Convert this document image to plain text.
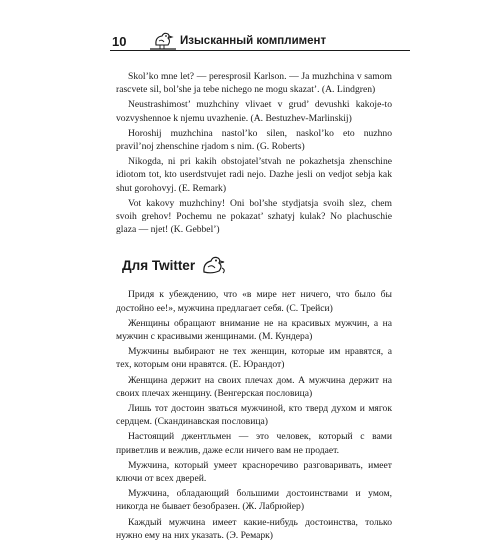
10	Изысканный комплимент

Skol’ko mne let? — peresprosil Karlson. — Ja muzhchina v samom rascvete sil, bol’she ja tebe nichego ne mogu skazat’. (A. Lindgren)

Neustrashimost’ muzhchiny vlivaet v grud’ devushki kakoje-to vozvyshennoe k njemu uvazhenie. (A. Bestuzhev-Marlinskij)

Horoshij muzhchina nastol’ko silen, naskol’ko eto nuzhno pravil’noj zhenschine rjadom s nim. (G. Roberts)

Nikogda, ni pri kakih obstojatel’stvah ne pokazhetsja zhenschine idiotom tot, kto userdstvujet radi nejo. Dazhe jesli on vedjot sebja kak shut gorohovyj. (E. Remark)

Vot kakovy muzhchiny! Oni bol’she stydjatsja svoih slez, chem svoih grehov! Pochemu ne pokazat’ szhatyj kulak? No plachuschie glaza — njet! (K. Gebbel’)

Для Twitter

Придя к убеждению, что «в мире нет ничего, что было бы достойно ее!», мужчина предлагает себя. (С. Трейси)

Женщины обращают внимание не на красивых мужчин, а на мужчин с красивыми женщинами. (М. Кундера)

Мужчины выбирают не тех женщин, которые им нравятся, а тех, которым они нравятся. (Е. Юрандот)

Женщина держит на своих плечах дом. А мужчина держит на своих плечах женщину. (Венгерская пословица)

Лишь тот достоин зваться мужчиной, кто тверд духом и мягок сердцем. (Скандинавская пословица)

Настоящий джентльмен — это человек, который с вами приветлив и вежлив, даже если ничего вам не продает.

Мужчина, который умеет красноречиво разговаривать, имеет ключи от всех дверей.

Мужчина, обладающий большими достоинствами и умом, никогда не бывает безобразен. (Ж. Лабрюйер)

Каждый мужчина имеет какие-нибудь достоинства, только нужно ему на них указать. (Э. Ремарк)
